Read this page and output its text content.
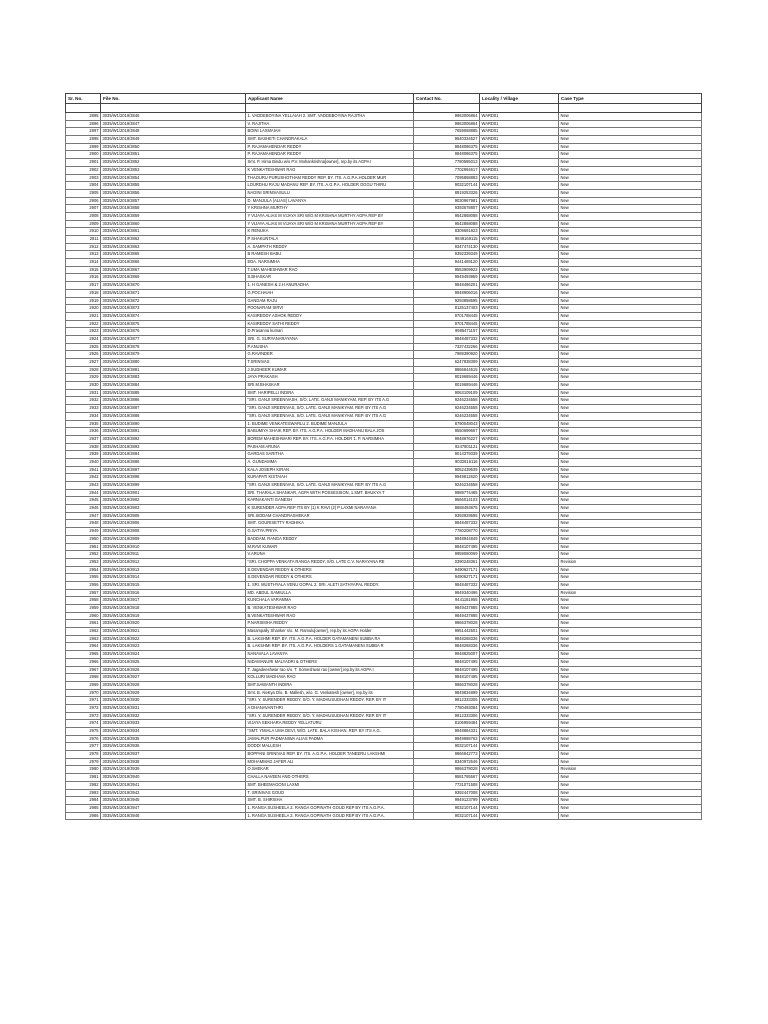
Sr. No.	File No.	Applicant Name	Contact No.	Locality / Village	Case Type

2895	3035/W1/2019/3846	1. VADDEBOYINA YELLAIAH 2. SMT. VADDEBOYINA RAJITHA	9963006864	WARD01	New
2896	3035/W1/2019/3847	V. RAJITHA	9963006864	WARD01	New
2897	3035/W1/2019/3848	BOINI LAXMAIAH	7659068885	WARD01	New
2898	3035/W1/2019/3849	SMT. BASHETI CHANDRAKALA	9640334527	WARD01	New
2899	3035/W1/2019/3850	P. RAJAMAHENDAR REDDY	9848086375	WARD01	New
2900	3035/W1/2019/3851	P. RAJAMAHENDAR REDDY	9848086375	WARD01	New
2901	3035/W1/2019/3852	Smt. P. Hima Bindu w/o P.V. Mohankrishna[owner], rep.by its AGPA I	7780585013	WARD01	New
2902	3035/W1/2019/3853	K VENKATESHWAR RAO	7702994617	WARD01	New
2903	3035/W1/2019/3854	THAOURU PURUSHOTHAM REDDY REP. BY. ITS. A.G.P.A.HOLDER MUR	7095868883	WARD01	New
2904	3035/W1/2019/3855	LOURDHU RAJU MADANU REP. BY. ITS. A.G.P.A. HOLDER OGGU THIRU	9032107144	WARD01	New
2905	3035/W1/2019/3856	NAGINI SRINIVASULU	8919253326	WARD01	New
2906	3035/W1/2019/3857	D. MANJULA (ALIAS) LAVANYA	9030967981	WARD01	New
2907	3035/W1/2019/3858	Y KRISHNA MURTHY	9393678807	WARD01	New
2908	3035/W1/2019/3859	Y VIJAYA ALIAS M VIJAYA SRI W/O M KRISHNA MURTHY AGPA REP BY	9542868088	WARD01	New
2909	3035/W1/2019/3860	Y VIJAYA ALIAS M VIJAYA SRI W/O M KRISHNA MURTHY AGPA REP BY	9542868088	WARD01	New
2910	3035/W1/2019/3861	K RENUKA	8309691823	WARD01	New
2911	3035/W1/2019/3862	P SHAKUNTALA	9849169115	WARD01	New
2912	3035/W1/2019/3863	A. SAMPATH REDDY	9347474130	WARD01	New
2913	3035/W1/2019/3865	B RAMESH BABU	9392339349	WARD01	New
2914	3035/W1/2019/3866	EDA. NARSIMHA	9441469120	WARD01	New
2915	3035/W1/2019/3867	T.UMA MAHESHWAR RAO	9553909922	WARD01	New
2916	3035/W1/2019/3869	S.BHASKAR	9949493959	WARD01	New
2917	3035/W1/2019/3870	1. H GANESH & 2.H ANURADHA	9848486201	WARD01	New
2918	3035/W1/2019/3871	G.POCHAIAH	9948906016	WARD01	New
2919	3035/W1/2019/3872	GANDAM RAJU	9293858595	WARD01	New
2920	3035/W1/2019/3873	POONARAM SIRVI	8125137403	WARD01	New
2921	3035/W1/2019/3874	KASIREDDY ASHOK REDDY	9701788445	WARD01	New
2922	3035/W1/2019/3875	KASIREDDY SATHI REDDY	9701788445	WARD01	New
2923	3035/W1/2019/3876	D.Prasanna kumari	9985471157	WARD01	New
2924	3035/W1/2019/3877	SRI. G. SURYANARAYANA	9848487332	WARD01	New
2925	3035/W1/2019/3878	P.ANUSHA	7337432266	WARD01	New
2926	3035/W1/2019/3879	G.RAVINDER	7989390920	WARD01	New
2927	3035/W1/2019/3880	T.SRINIVAS	6247838309	WARD01	New
2928	3035/W1/2019/3881	J.SUDHEER KUMAR	9866844515	WARD01	New
2929	3035/W1/2019/3883	JAYA PRAKASH	8019689446	WARD01	New
2930	3035/W1/2019/3884	SRI.M.BHASKAR	8019689446	WARD01	New
2931	3035/W1/2019/3885	SMT. HARIPELLI INDIRA	9063109109	WARD01	New
2932	3035/W1/2019/3886	"SRI. GANJI SREENIVASH, S/O. LATE. GANJI MANIKYAM. REP. BY ITS A.G	9246234558	WARD01	New
2933	3035/W1/2019/3887	"SRI. GANJI SREENIVAS, S/O. LATE. GANJI MANIKYAM. REP. BY ITS A.G	9246234558	WARD01	New
2934	3035/W1/2019/3888	"SRI. GANJI SREENIVAS, S/O. LATE. GANJI MANIKYAM. REP. BY ITS A.G	9246234558	WARD01	New
2935	3035/W1/2019/3890	1. BUDIME VENKATESWARLU 2. BUDIME MANJULA	8790048043	WARD01	New
2936	3035/W1/2019/3891	BABUMIYA SHAIK REP. BY. ITS. A.G.P.A. HOLDER MADHANU BALA JOS	9550699667	WARD01	New
2937	3035/W1/2019/3892	BOREM MAHESHWARI REP. BY. ITS. A.G.P.A. HOLDER 1. P. NARSIMHA	9948676227	WARD01	New
2938	3035/W1/2019/3893	PASHAM ARUNA	9247801121	WARD01	New
2939	3035/W1/2019/3894	GARDAS SARITHA	9014379339	WARD01	New
2940	3035/W1/2019/3896	A. GUNDAMMA	9032816116	WARD01	New
2941	3035/W1/2019/3897	KALA JOSEPH KIRAN	9052439539	WARD01	New
2942	3035/W1/2019/3898	KURAPATI KISTAIAH	9949812620	WARD01	New
2943	3035/W1/2019/3899	"SRI. GANJI SREENIVAS, S/O. LATE. GANJI MANIKYAM. REP. BY ITS A.G	9246234558	WARD01	New
2944	3035/W1/2019/3901	SRI. THARALA SHANKAR, AGPA WITH POSSESSION, 1.SMT. BHUKYA T	9989774485	WARD01	New
2945	3035/W1/2019/3902	KARNAKANTI GANESH	9666014103	WARD01	New
2946	3035/W1/2019/3903	K SURENDER AGPA REP ITS BY (1) K RAVI (2) P LAXMI NARAYANA	8688493875	WARD01	New
2947	3035/W1/2019/3905	SRI.SIDDAM CHANDRASHEKAR	9393929595	WARD01	New
2948	3035/W1/2019/3906	SMT. GOURISETTY RADHIKA	9848487332	WARD01	New
2949	3035/W1/2019/3908	G.SATYA PRIYA	7780208770	WARD01	New
2950	3035/W1/2019/3909	BADDAM. RANGA REDDY	9948944849	WARD01	New
2951	3035/W1/2019/3910	M.RAVI KUMAR	9848107495	WARD01	New
2952	3035/W1/2019/3911	V.ARUNA	9959060069	WARD01	New
2953	3035/W1/2019/3912	"SRI. CHOPPA VENKATA RANGA REDDY, S/O. LATE C.V. NARAYANA RE	0390248361	WARD01	Revision
2954	3035/W1/2019/3913	S.DEVENDAR REDDY & OTHERS	9490627171	WARD01	New
2955	3035/W1/2019/3914	S.DEVENDAR REDDY & OTHERS	9490627171	WARD01	New
2956	3035/W1/2019/3915	1. SRI. MUSTHYALA VENU GOPAL 2. SRI. ALETI SATHYAPAL REDDY.	9848487332	WARD01	New
2957	3035/W1/2019/3916	MD. ABDUL SAMIULLA	9949340496	WARD01	Revision
2958	3035/W1/2019/3917	KUNCHALA VARAMMA	9441181955	WARD01	New
2959	3035/W1/2019/3918	B. VENKATESHWAR RAO	9849437885	WARD01	New
2960	3035/W1/2019/3919	B.VENKATESHWAR RAO	9849437885	WARD01	New
2961	3035/W1/2019/3920	P.NARSIMHA REDDY	9866378028	WARD01	New
2962	3035/W1/2019/3921	Masampally Shanker s/o. M. Ramulu[owner], rep.by its AGPA Holder	9951442501	WARD01	New
2963	3035/W1/2019/3922	B. LAKSHMI REP. BY. ITS. A.G.P.A. HOLDER GATAMANENI SUBBA RA	9848268336	WARD01	New
2964	3035/W1/2019/3923	B. LAKSHMI REP. BY. ITS. A.G.P.A. HOLDERS 1.GATAMANENI SUBBA R	9848268336	WARD01	New
2965	3035/W1/2019/3924	NANAVALA LAVANYA	9948825007	WARD01	New
2966	3035/W1/2019/3925	NIDAMANURI MALYADRI & OTHERS	9848107495	WARD01	New
2967	3035/W1/2019/3926	T. Jagadeeshwar rao s/o. T. Someshwar rao [owner],rep.by its AGPA I	9848107495	WARD01	New
2968	3035/W1/2019/3927	KOLLURI MADHAVA RAO	9848107495	WARD01	New
2969	3035/W1/2019/3928	SMT.SAWANTH INDIRA	9866378028	WARD01	New
2970	3035/W1/2019/3929	Smt. B. AleKya D/o. B. Mallesh, w/o. G. Venkatesh [owner], rep.by its	9849834899	WARD01	New
2971	3035/W1/2019/3930	"SRI. Y. SURENDER REDDY, S/O. Y. MADHUSUDHAN REDDY. REP. BY IT	9912333306	WARD01	New
2972	3035/W1/2019/3931	A DHANAVANTHRI	7780493084	WARD01	New
2973	3035/W1/2019/3932	"SRI. Y. SURENDER REDDY, S/O. Y. MADHUSUDHAN REDDY. REP. BY IT	9912333306	WARD01	New
2974	3035/W1/2019/3933	VIJAYA SEKHARA REDDY YELLATURU	8106959494	WARD01	New
2975	3035/W1/2019/3934	"SMT. YMIALA UMA DEVI, W/O. LATE. BALA KISHAN. REP. BY ITS A.G.	9948884331	WARD01	New
2976	3035/W1/2019/3935	JAMALPUR PADMANIWA ALIAS PADMA	9949998763	WARD01	New
2977	3035/W1/2019/3936	DODDI MALLESH	9032107144	WARD01	New
2978	3035/W1/2019/3937	BOPPANI SRINIVAS REP. BY. ITS. A.G.P.A. HOLDER TANEERU LAKSHMI	9866842773	WARD01	New
2979	3035/W1/2019/3938	MOHAMMAD JAFER ALI	8340972646	WARD01	New
2980	3035/W1/2019/3939	O.SHEKAR	9866378028	WARD01	Revision
2981	3035/W1/2019/3940	CHALLA NAVEEN AND OTHERS	9581765567	WARD01	New
2982	3035/W1/2019/3941	SMT. BHEEMAGONI LAXMI	7731071508	WARD01	New
2983	3035/W1/2019/3942	T. SRINIVAS GOUD	9392447008	WARD01	New
2984	3035/W1/2019/3945	SMT. B. SHIRISHA	9949123799	WARD01	New
2985	3035/W1/2019/3947	1. RANGA SUSHEELA 2. RANGA GOPINATH GOUD REP BY ITS A.G.P.A.	9032107144	WARD01	New
2986	3035/W1/2019/3948	1. RANGA SUSHEELA 2. RANGA GOPINATH GOUD REP BY ITS A.G.P.A.	9032107144	WARD01	New
